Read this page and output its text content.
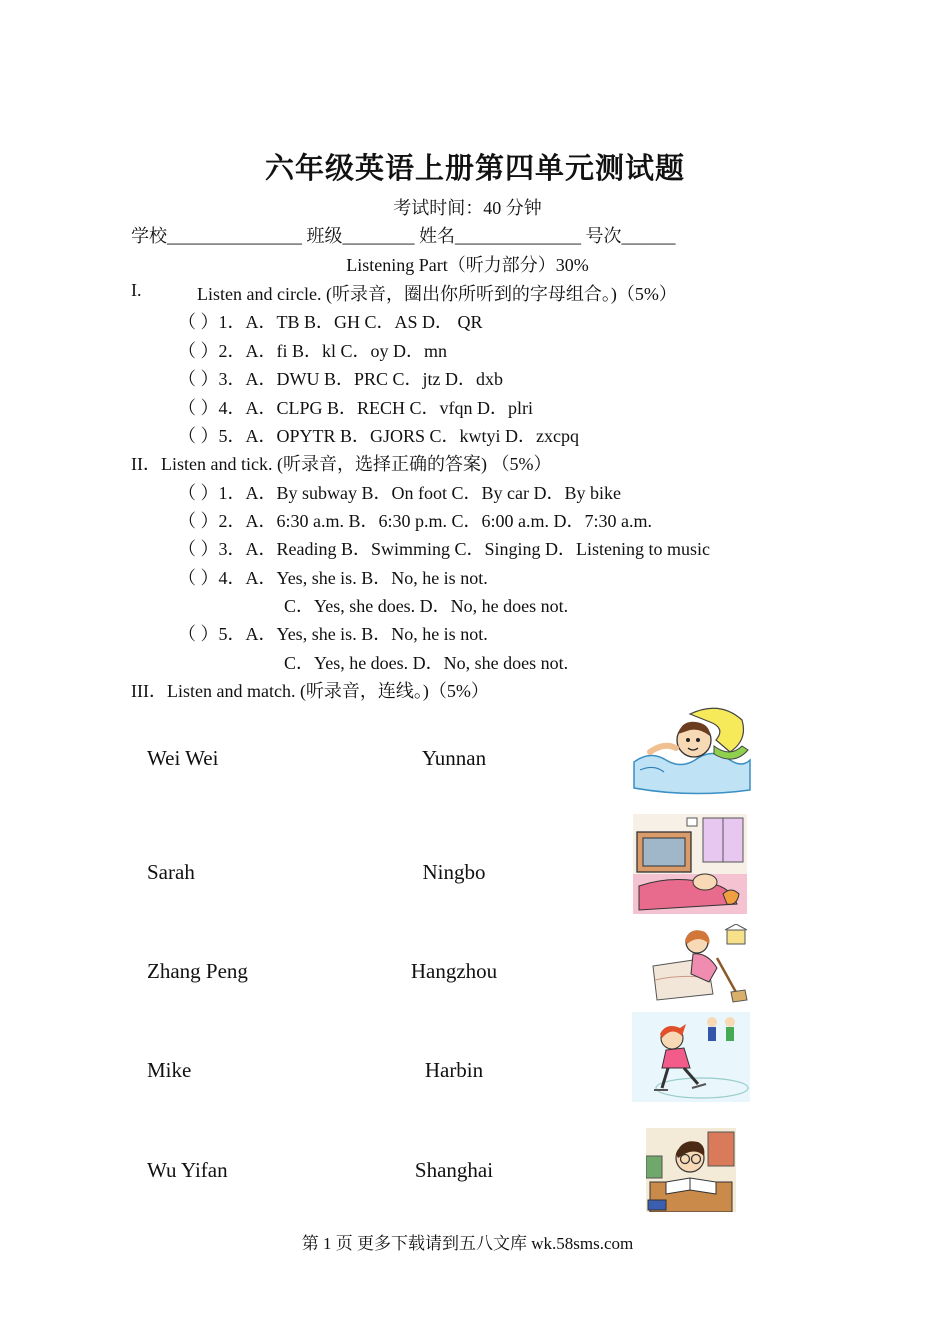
六年级英语上册第四单元测试题
考试时间：40 分钟
学校_______________ 班级________ 姓名______________ 号次______
Listening Part（听力部分）30%
I.	Listen and circle. (听录音，圈出你所听到的字母组合。)（5%）
（ ）1．A．TB B．GH C．AS D． QR
（ ）2．A．fi B．kl C．oy D．mn
（ ）3．A．DWU B．PRC C．jtz D．dxb
（ ）4．A．CLPG B．RECH C．vfqn D．plri
（ ）5．A．OPYTR B．GJORS C．kwtyi D．zxcpq
II．Listen and tick. (听录音，选择正确的答案) （5%）
（ ）1．A．By subway B．On foot C．By car D．By bike
（ ）2．A．6:30 a.m. B．6:30 p.m. C．6:00 a.m. D．7:30 a.m.
（ ）3．A．Reading B．Swimming C．Singing D．Listening to music
（ ）4．A．Yes, she is. B．No, he is not.
C．Yes, she does. D．No, he does not.
（ ）5．A．Yes, she is. B．No, he is not.
C．Yes, he does. D．No, she does not.
III．Listen and match. (听录音，连线。)（5%）
Wei Wei
Sarah
Zhang Peng
Mike
Wu Yifan
Yunnan
Ningbo
Hangzhou
Harbin
Shanghai
第 1 页 更多下载请到五八文库 wk.58sms.com
